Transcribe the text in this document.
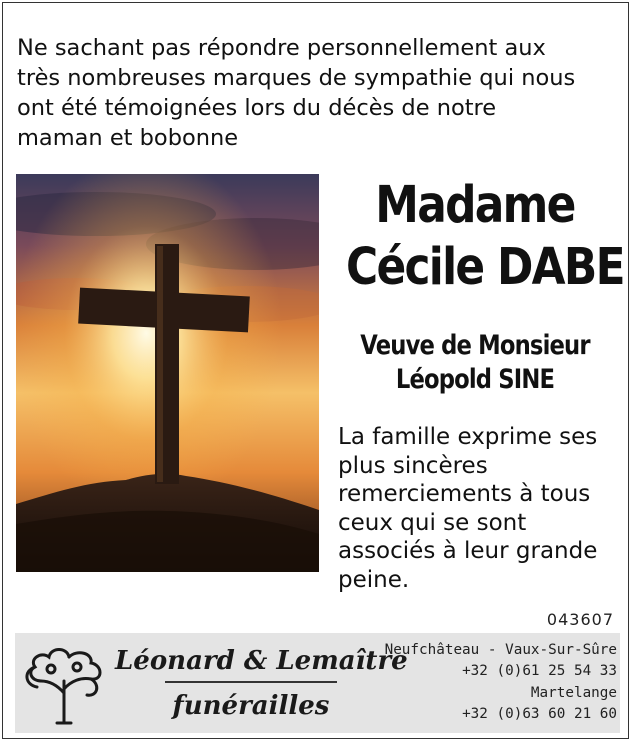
Ne sachant pas répondre personnellement aux
très nombreuses marques de sympathie qui nous
ont été témoignées lors du décès de notre
maman et bobonne
Madame
Cécile DABE
Veuve de Monsieur
Léopold SINE
La famille exprime ses
plus sincères
remerciements à tous
ceux qui se sont
associés à leur grande
peine.
043607
Léonard & Lemaître
funérailles
Neufchâteau - Vaux-Sur-Sûre
+32 (0)61 25 54 33
Martelange
+32 (0)63 60 21 60
